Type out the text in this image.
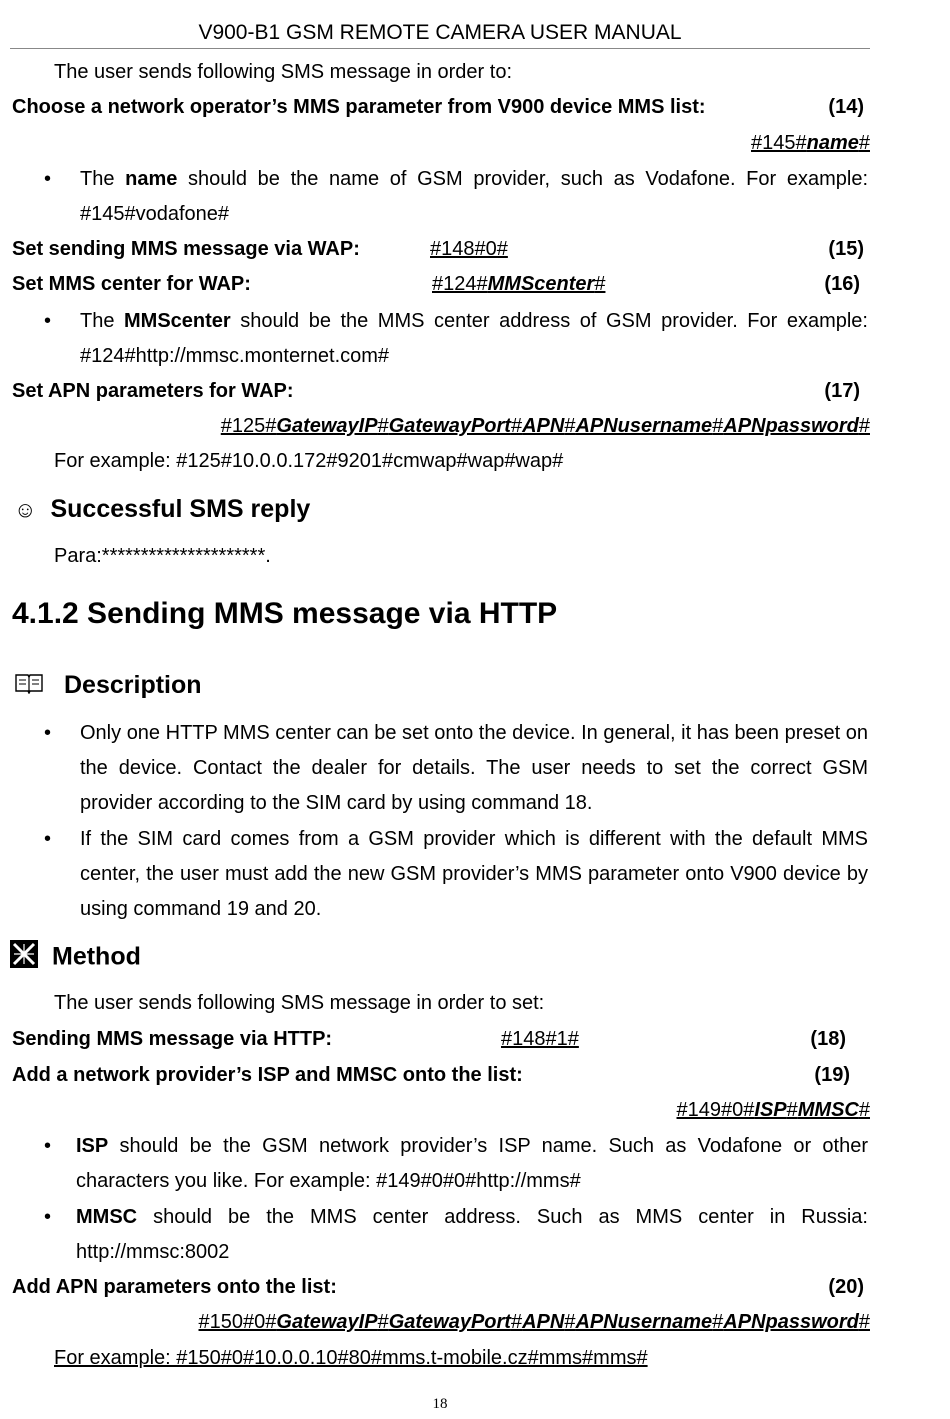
V900-B1 GSM REMOTE CAMERA USER MANUAL
The user sends following SMS message in order to:
Choose a network operator’s MMS parameter from V900 device MMS list:	(14)
#145#name#
•	The name should be the name of GSM provider, such as Vodafone. For example: #145#vodafone#
Set sending MMS message via WAP:	#148#0#	(15)
Set MMS center for WAP:	#124#MMScenter#	(16)
•	The MMScenter should be the MMS center address of GSM provider. For example: #124#http://mmsc.monternet.com#
Set APN parameters for WAP:	(17)
#125#GatewayIP#GatewayPort#APN#APNusername#APNpassword#
For example: #125#10.0.0.172#9201#cmwap#wap#wap#
☺ Successful SMS reply
Para:*********************.
4.1.2 Sending MMS message via HTTP
Description
•	Only one HTTP MMS center can be set onto the device. In general, it has been preset on the device. Contact the dealer for details. The user needs to set the correct GSM provider according to the SIM card by using command 18.
•	If the SIM card comes from a GSM provider which is different with the default MMS center, the user must add the new GSM provider’s MMS parameter onto V900 device by using command 19 and 20.
Method
The user sends following SMS message in order to set:
Sending MMS message via HTTP:	#148#1#	(18)
Add a network provider’s ISP and MMSC onto the list:	(19)
#149#0#ISP#MMSC#
•	ISP should be the GSM network provider’s ISP name. Such as Vodafone or other characters you like. For example: #149#0#0#http://mms#
•	MMSC should be the MMS center address. Such as MMS center in Russia: http://mmsc:8002
Add APN parameters onto the list:	(20)
#150#0#GatewayIP#GatewayPort#APN#APNusername#APNpassword#
For example: #150#0#10.0.0.10#80#mms.t-mobile.cz#mms#mms#
18
